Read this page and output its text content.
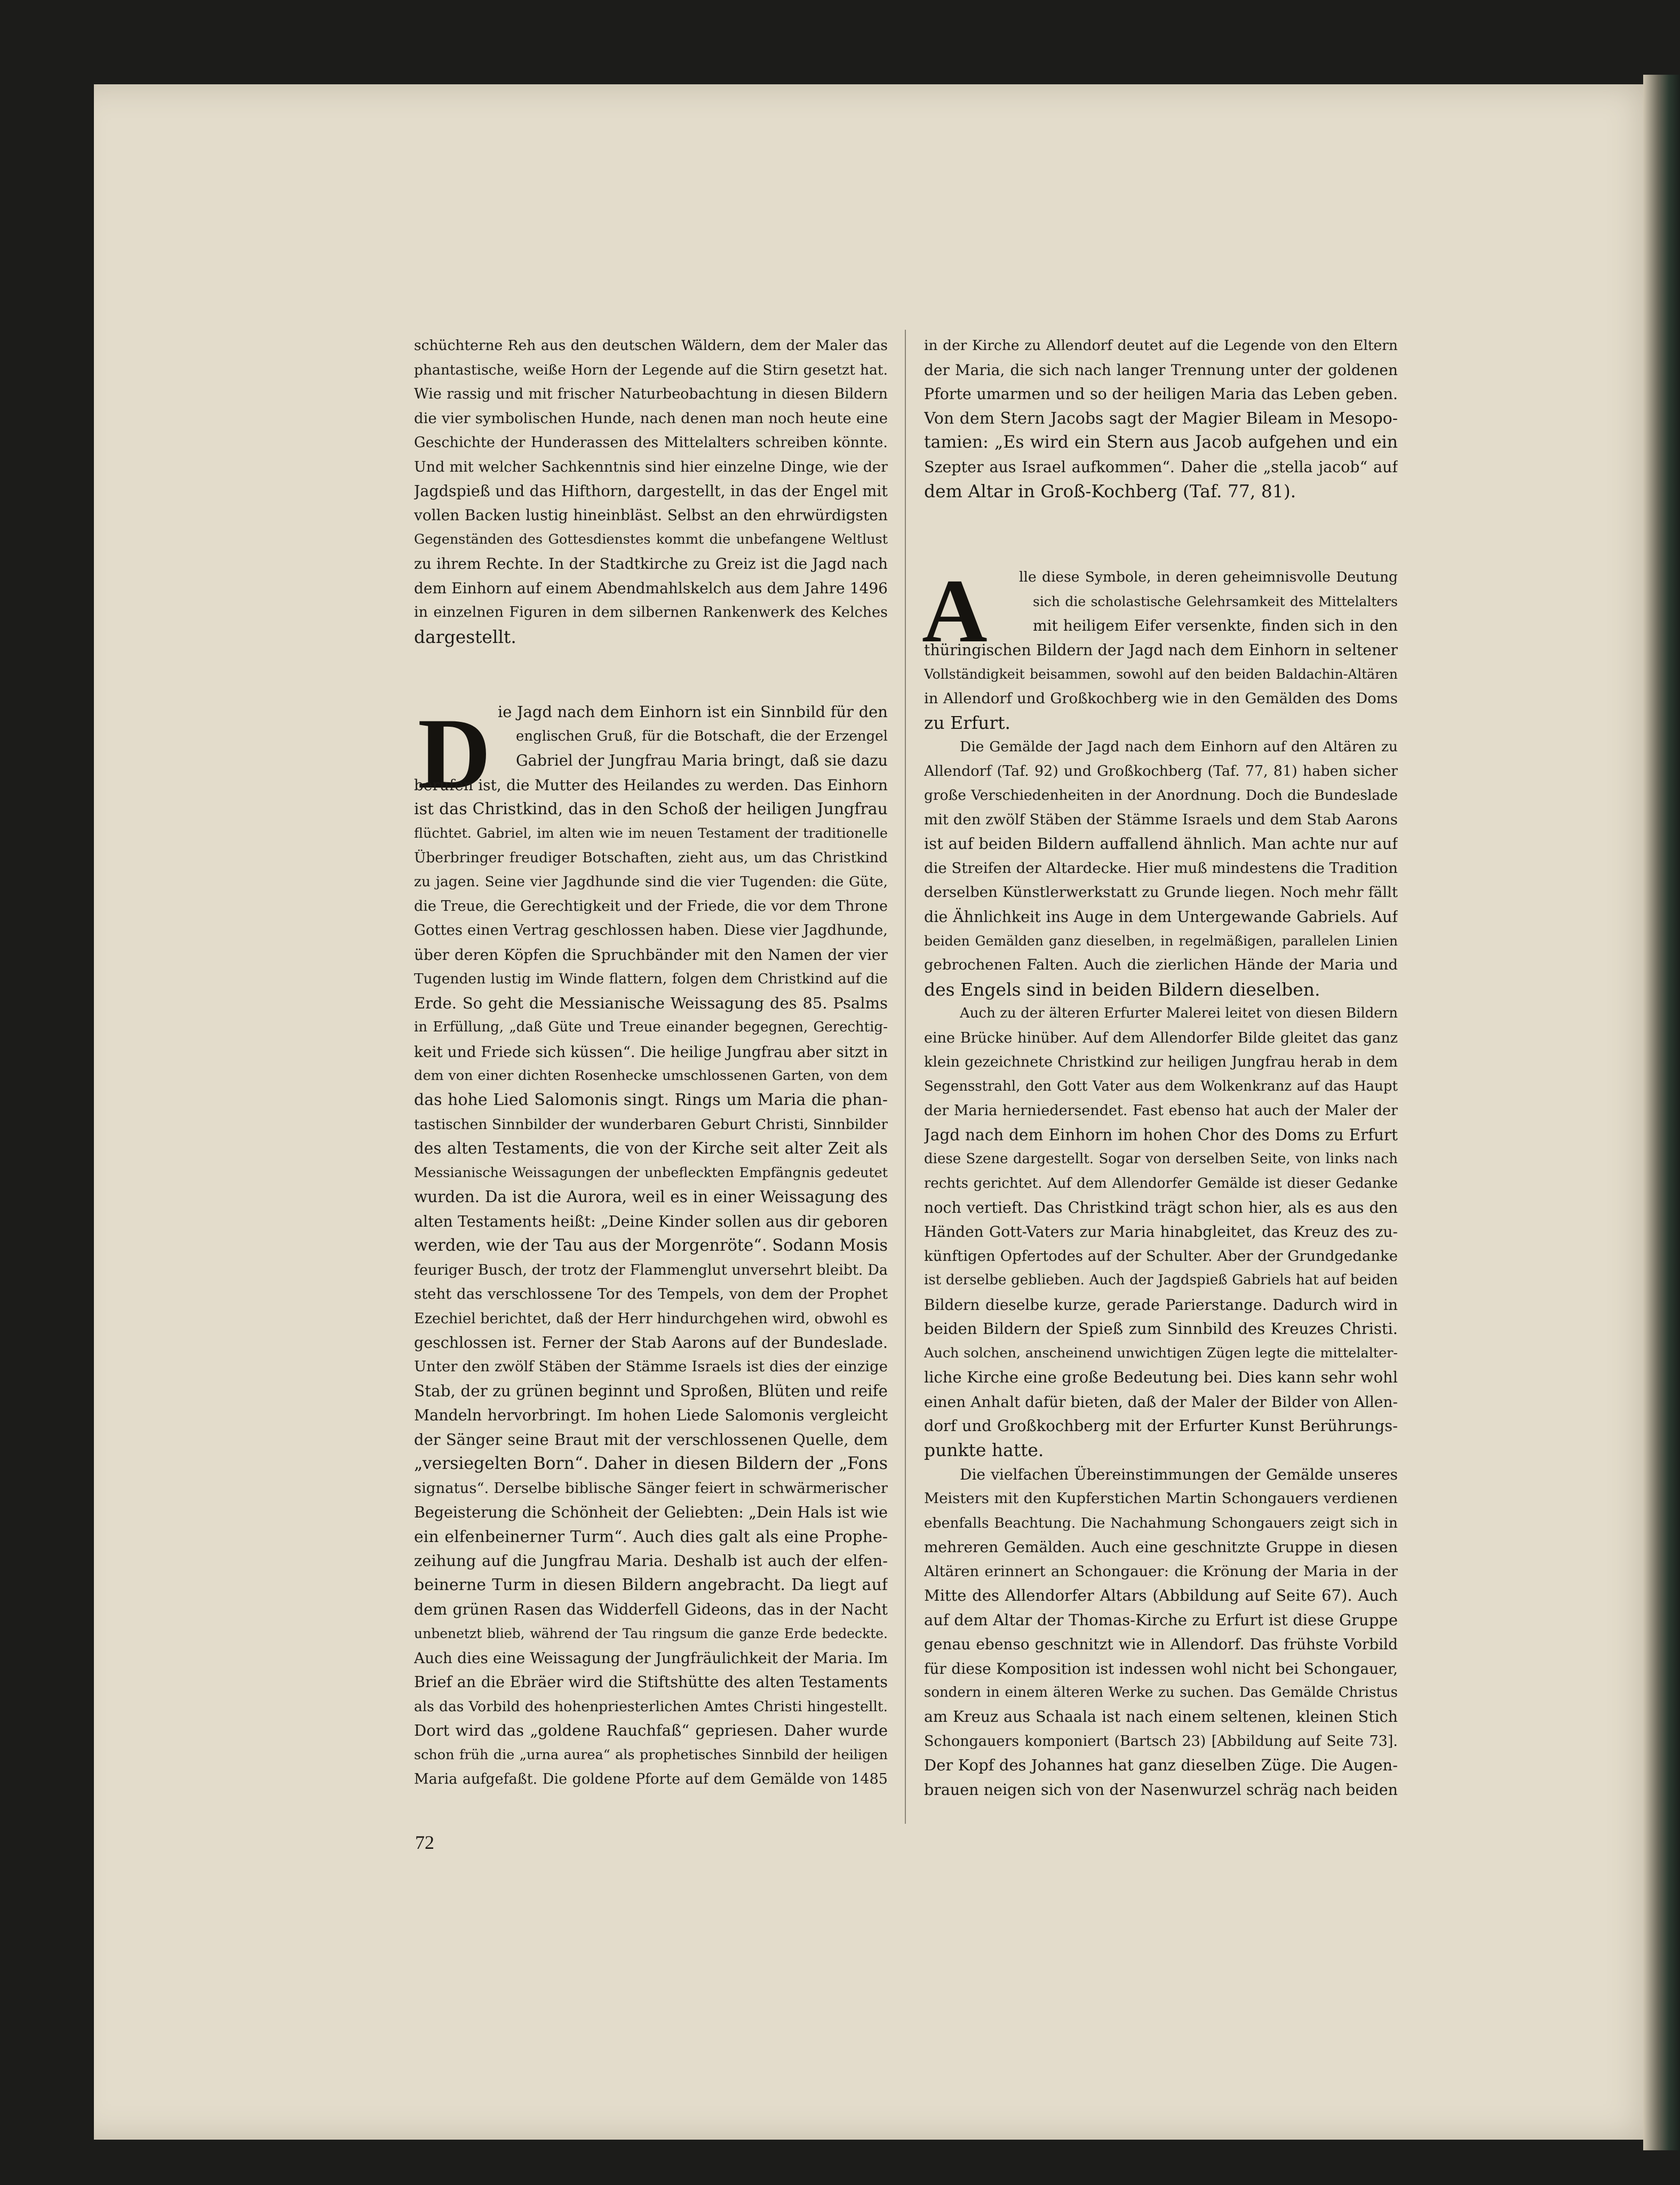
schüchterne Reh aus den deutschen Wäldern, dem der Maler das
phantastische, weiße Horn der Legende auf die Stirn gesetzt hat.
Wie rassig und mit frischer Naturbeobachtung in diesen Bildern
die vier symbolischen Hunde, nach denen man noch heute eine
Geschichte der Hunderassen des Mittelalters schreiben könnte.
Und mit welcher Sachkenntnis sind hier einzelne Dinge, wie der
Jagdspieß und das Hifthorn, dargestellt, in das der Engel mit
vollen Backen lustig hineinbläst. Selbst an den ehrwürdigsten
Gegenständen des Gottesdienstes kommt die unbefangene Weltlust
zu ihrem Rechte. In der Stadtkirche zu Greiz ist die Jagd nach
dem Einhorn auf einem Abendmahlskelch aus dem Jahre 1496
in einzelnen Figuren in dem silbernen Rankenwerk des Kelches
dargestellt.
D ie Jagd nach dem Einhorn ist ein Sinnbild für den
englischen Gruß, für die Botschaft, die der Erzengel
Gabriel der Jungfrau Maria bringt, daß sie dazu
berufen ist, die Mutter des Heilandes zu werden. Das Einhorn
ist das Christkind, das in den Schoß der heiligen Jungfrau
flüchtet. Gabriel, im alten wie im neuen Testament der traditionelle
Überbringer freudiger Botschaften, zieht aus, um das Christkind
zu jagen. Seine vier Jagdhunde sind die vier Tugenden: die Güte,
die Treue, die Gerechtigkeit und der Friede, die vor dem Throne
Gottes einen Vertrag geschlossen haben. Diese vier Jagdhunde,
über deren Köpfen die Spruchbänder mit den Namen der vier
Tugenden lustig im Winde flattern, folgen dem Christkind auf die
Erde. So geht die Messianische Weissagung des 85. Psalms
in Erfüllung, „daß Güte und Treue einander begegnen, Gerechtig-
keit und Friede sich küssen“. Die heilige Jungfrau aber sitzt in
dem von einer dichten Rosenhecke umschlossenen Garten, von dem
das hohe Lied Salomonis singt. Rings um Maria die phan-
tastischen Sinnbilder der wunderbaren Geburt Christi, Sinnbilder
des alten Testaments, die von der Kirche seit alter Zeit als
Messianische Weissagungen der unbefleckten Empfängnis gedeutet
wurden. Da ist die Aurora, weil es in einer Weissagung des
alten Testaments heißt: „Deine Kinder sollen aus dir geboren
werden, wie der Tau aus der Morgenröte“. Sodann Mosis
feuriger Busch, der trotz der Flammenglut unversehrt bleibt. Da
steht das verschlossene Tor des Tempels, von dem der Prophet
Ezechiel berichtet, daß der Herr hindurchgehen wird, obwohl es
geschlossen ist. Ferner der Stab Aarons auf der Bundeslade.
Unter den zwölf Stäben der Stämme Israels ist dies der einzige
Stab, der zu grünen beginnt und Sproßen, Blüten und reife
Mandeln hervorbringt. Im hohen Liede Salomonis vergleicht
der Sänger seine Braut mit der verschlossenen Quelle, dem
„versiegelten Born“. Daher in diesen Bildern der „Fons
signatus“. Derselbe biblische Sänger feiert in schwärmerischer
Begeisterung die Schönheit der Geliebten: „Dein Hals ist wie
ein elfenbeinerner Turm“. Auch dies galt als eine Prophe-
zeihung auf die Jungfrau Maria. Deshalb ist auch der elfen-
beinerne Turm in diesen Bildern angebracht. Da liegt auf
dem grünen Rasen das Widderfell Gideons, das in der Nacht
unbenetzt blieb, während der Tau ringsum die ganze Erde bedeckte.
Auch dies eine Weissagung der Jungfräulichkeit der Maria. Im
Brief an die Ebräer wird die Stiftshütte des alten Testaments
als das Vorbild des hohenpriesterlichen Amtes Christi hingestellt.
Dort wird das „goldene Rauchfaß“ gepriesen. Daher wurde
schon früh die „urna aurea“ als prophetisches Sinnbild der heiligen
Maria aufgefaßt. Die goldene Pforte auf dem Gemälde von 1485
in der Kirche zu Allendorf deutet auf die Legende von den Eltern
der Maria, die sich nach langer Trennung unter der goldenen
Pforte umarmen und so der heiligen Maria das Leben geben.
Von dem Stern Jacobs sagt der Magier Bileam in Mesopo-
tamien: „Es wird ein Stern aus Jacob aufgehen und ein
Szepter aus Israel aufkommen“. Daher die „stella jacob“ auf
dem Altar in Groß-Kochberg (Taf. 77, 81).
A lle diese Symbole, in deren geheimnisvolle Deutung
sich die scholastische Gelehrsamkeit des Mittelalters
mit heiligem Eifer versenkte, finden sich in den
thüringischen Bildern der Jagd nach dem Einhorn in seltener
Vollständigkeit beisammen, sowohl auf den beiden Baldachin-Altären
in Allendorf und Großkochberg wie in den Gemälden des Doms
zu Erfurt.
Die Gemälde der Jagd nach dem Einhorn auf den Altären zu
Allendorf (Taf. 92) und Großkochberg (Taf. 77, 81) haben sicher
große Verschiedenheiten in der Anordnung. Doch die Bundeslade
mit den zwölf Stäben der Stämme Israels und dem Stab Aarons
ist auf beiden Bildern auffallend ähnlich. Man achte nur auf
die Streifen der Altardecke. Hier muß mindestens die Tradition
derselben Künstlerwerkstatt zu Grunde liegen. Noch mehr fällt
die Ähnlichkeit ins Auge in dem Untergewande Gabriels. Auf
beiden Gemälden ganz dieselben, in regelmäßigen, parallelen Linien
gebrochenen Falten. Auch die zierlichen Hände der Maria und
des Engels sind in beiden Bildern dieselben.
Auch zu der älteren Erfurter Malerei leitet von diesen Bildern
eine Brücke hinüber. Auf dem Allendorfer Bilde gleitet das ganz
klein gezeichnete Christkind zur heiligen Jungfrau herab in dem
Segensstrahl, den Gott Vater aus dem Wolkenkranz auf das Haupt
der Maria herniedersendet. Fast ebenso hat auch der Maler der
Jagd nach dem Einhorn im hohen Chor des Doms zu Erfurt
diese Szene dargestellt. Sogar von derselben Seite, von links nach
rechts gerichtet. Auf dem Allendorfer Gemälde ist dieser Gedanke
noch vertieft. Das Christkind trägt schon hier, als es aus den
Händen Gott-Vaters zur Maria hinabgleitet, das Kreuz des zu-
künftigen Opfertodes auf der Schulter. Aber der Grundgedanke
ist derselbe geblieben. Auch der Jagdspieß Gabriels hat auf beiden
Bildern dieselbe kurze, gerade Parierstange. Dadurch wird in
beiden Bildern der Spieß zum Sinnbild des Kreuzes Christi.
Auch solchen, anscheinend unwichtigen Zügen legte die mittelalter-
liche Kirche eine große Bedeutung bei. Dies kann sehr wohl
einen Anhalt dafür bieten, daß der Maler der Bilder von Allen-
dorf und Großkochberg mit der Erfurter Kunst Berührungs-
punkte hatte.
Die vielfachen Übereinstimmungen der Gemälde unseres
Meisters mit den Kupferstichen Martin Schongauers verdienen
ebenfalls Beachtung. Die Nachahmung Schongauers zeigt sich in
mehreren Gemälden. Auch eine geschnitzte Gruppe in diesen
Altären erinnert an Schongauer: die Krönung der Maria in der
Mitte des Allendorfer Altars (Abbildung auf Seite 67). Auch
auf dem Altar der Thomas-Kirche zu Erfurt ist diese Gruppe
genau ebenso geschnitzt wie in Allendorf. Das frühste Vorbild
für diese Komposition ist indessen wohl nicht bei Schongauer,
sondern in einem älteren Werke zu suchen. Das Gemälde Christus
am Kreuz aus Schaala ist nach einem seltenen, kleinen Stich
Schongauers komponiert (Bartsch 23) [Abbildung auf Seite 73].
Der Kopf des Johannes hat ganz dieselben Züge. Die Augen-
brauen neigen sich von der Nasenwurzel schräg nach beiden
72
